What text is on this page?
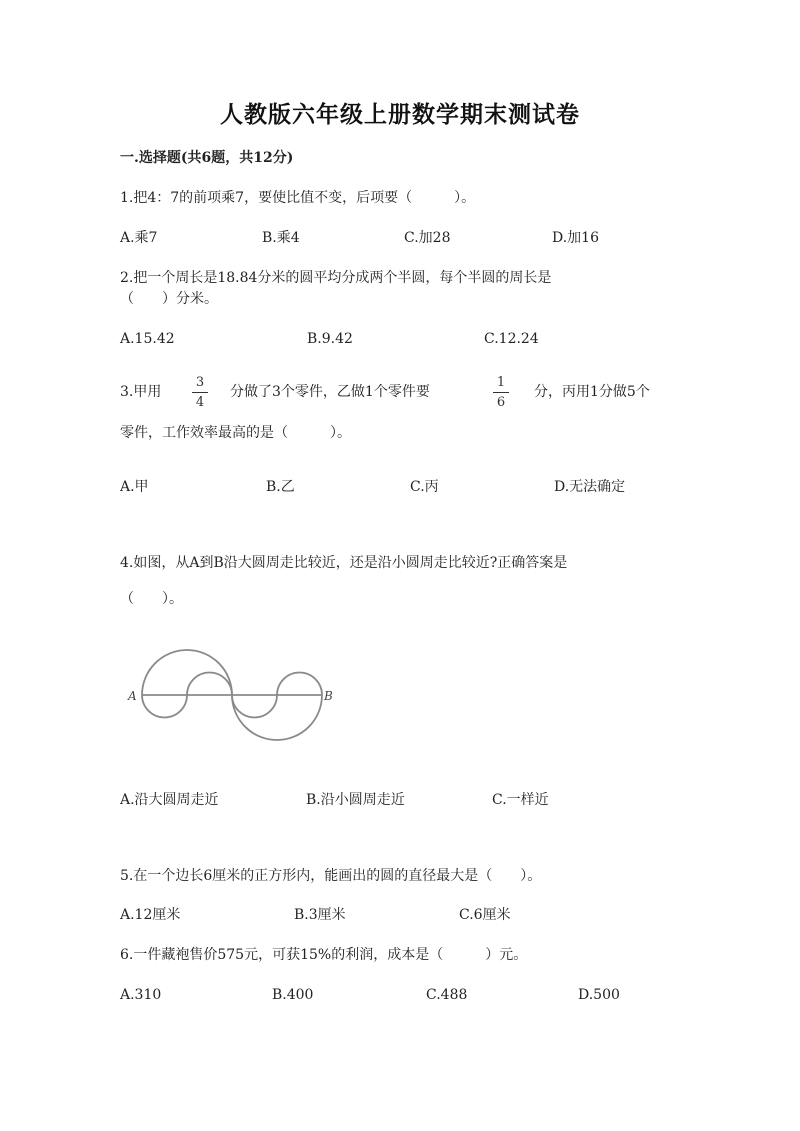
人教版六年级上册数学期末测试卷
一.选择题(共6题，共12分)
1.把4：7的前项乘7，要使比值不变，后项要（　　　）。
A.乘7	B.乘4	C.加28	D.加16
2.把一个周长是18.84分米的圆平均分成两个半圆，每个半圆的周长是
（　　）分米。
A.15.42	B.9.42	C.12.24
3.甲用
3
4
分做了3个零件，乙做1个零件要
1
6
分，丙用1分做5个
零件，工作效率最高的是（　　　）。
A.甲	B.乙	C.丙	D.无法确定
4.如图，从A到B沿大圆周走比较近，还是沿小圆周走比较近?正确答案是
（　　）。
A	B
A.沿大圆周走近	B.沿小圆周走近	C.一样近
5.在一个边长6厘米的正方形内，能画出的圆的直径最大是（　　）。
A.12厘米	B.3厘米	C.6厘米
6.一件藏袍售价575元，可获15%的利润，成本是（　　　）元。
A.310	B.400	C.488	D.500
